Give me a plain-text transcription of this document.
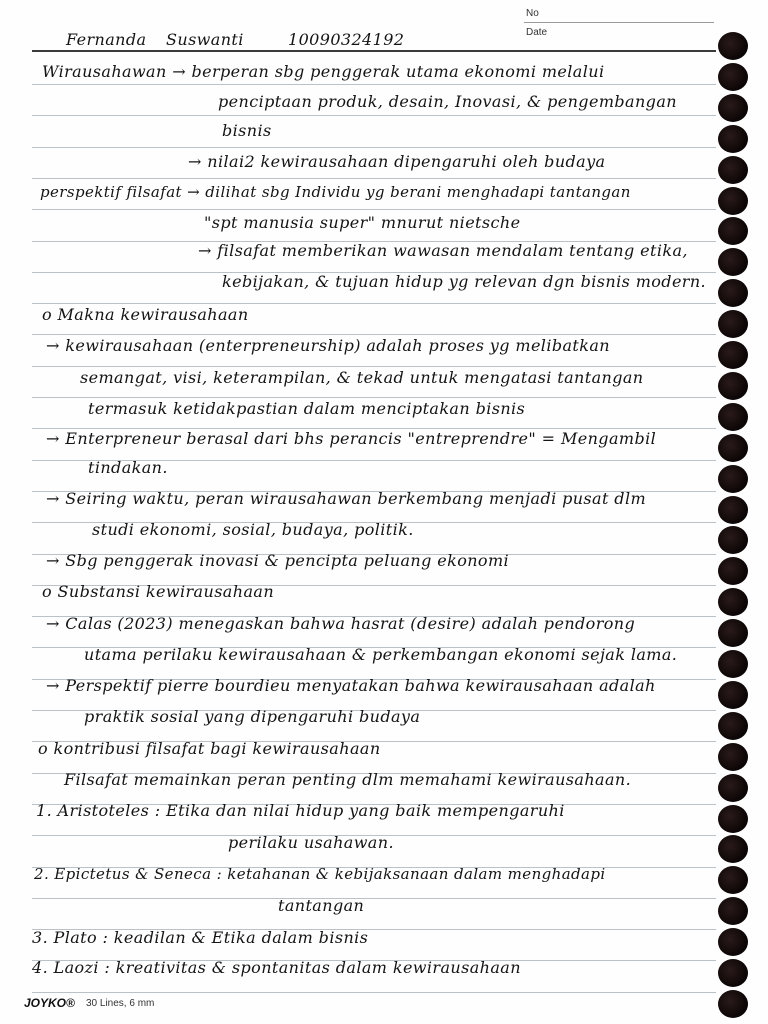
No
Date
Fernanda Suswanti	10090324192
Wirausahawan → berperan sbg penggerak utama ekonomi melalui
penciptaan produk, desain, Inovasi, & pengembangan
bisnis
→ nilai2 kewirausahaan dipengaruhi oleh budaya
perspektif filsafat → dilihat sbg Individu yg berani menghadapi tantangan
"spt manusia super" mnurut nietsche
→ filsafat memberikan wawasan mendalam tentang etika,
kebijakan, & tujuan hidup yg relevan dgn bisnis modern.
o Makna kewirausahaan
→ kewirausahaan (enterpreneurship) adalah proses yg melibatkan
semangat, visi, keterampilan, & tekad untuk mengatasi tantangan
termasuk ketidakpastian dalam menciptakan bisnis
→ Enterpreneur berasal dari bhs perancis "entreprendre" = Mengambil
tindakan.
→ Seiring waktu, peran wirausahawan berkembang menjadi pusat dlm
studi ekonomi, sosial, budaya, politik.
→ Sbg penggerak inovasi & pencipta peluang ekonomi
o Substansi kewirausahaan
→ Calas (2023) menegaskan bahwa hasrat (desire) adalah pendorong
utama perilaku kewirausahaan & perkembangan ekonomi sejak lama.
→ Perspektif pierre bourdieu menyatakan bahwa kewirausahaan adalah
praktik sosial yang dipengaruhi budaya
o kontribusi filsafat bagi kewirausahaan
Filsafat memainkan peran penting dlm memahami kewirausahaan.
1. Aristoteles : Etika dan nilai hidup yang baik mempengaruhi
perilaku usahawan.
2. Epictetus & Seneca : ketahanan & kebijaksanaan dalam menghadapi
tantangan
3. Plato : keadilan & Etika dalam bisnis
4. Laozi : kreativitas & spontanitas dalam kewirausahaan
JOYKO® 30 Lines, 6 mm
